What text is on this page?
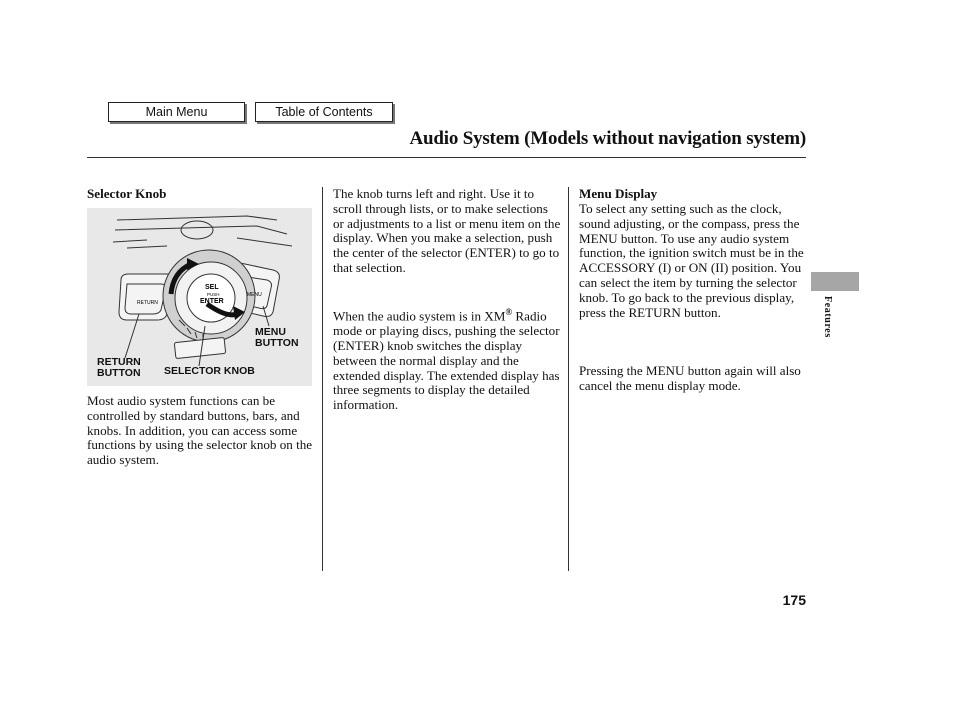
Main Menu	Table of Contents
Audio System (Models without navigation system)
Selector Knob
SEL
PUSH
ENTER
RETURN
MENU
RETURN
BUTTON SELECTOR KNOB
MENU
BUTTON
Most audio system functions can be controlled by standard buttons, bars, and knobs. In addition, you can access some functions by using the selector knob on the audio system.
The knob turns left and right. Use it to scroll through lists, or to make selections or adjustments to a list or menu item on the display. When you make a selection, push the center of the selector (ENTER) to go to that selection.
When the audio system is in XM® Radio mode or playing discs, pushing the selector (ENTER) knob switches the display between the normal display and the extended display. The extended display has three segments to display the detailed information.
Menu Display
To select any setting such as the clock, sound adjusting, or the compass, press the MENU button. To use any audio system function, the ignition switch must be in the ACCESSORY (I) or ON (II) position. You can select the item by turning the selector knob. To go back to the previous display, press the RETURN button.
Pressing the MENU button again will also cancel the menu display mode.
Features
175
